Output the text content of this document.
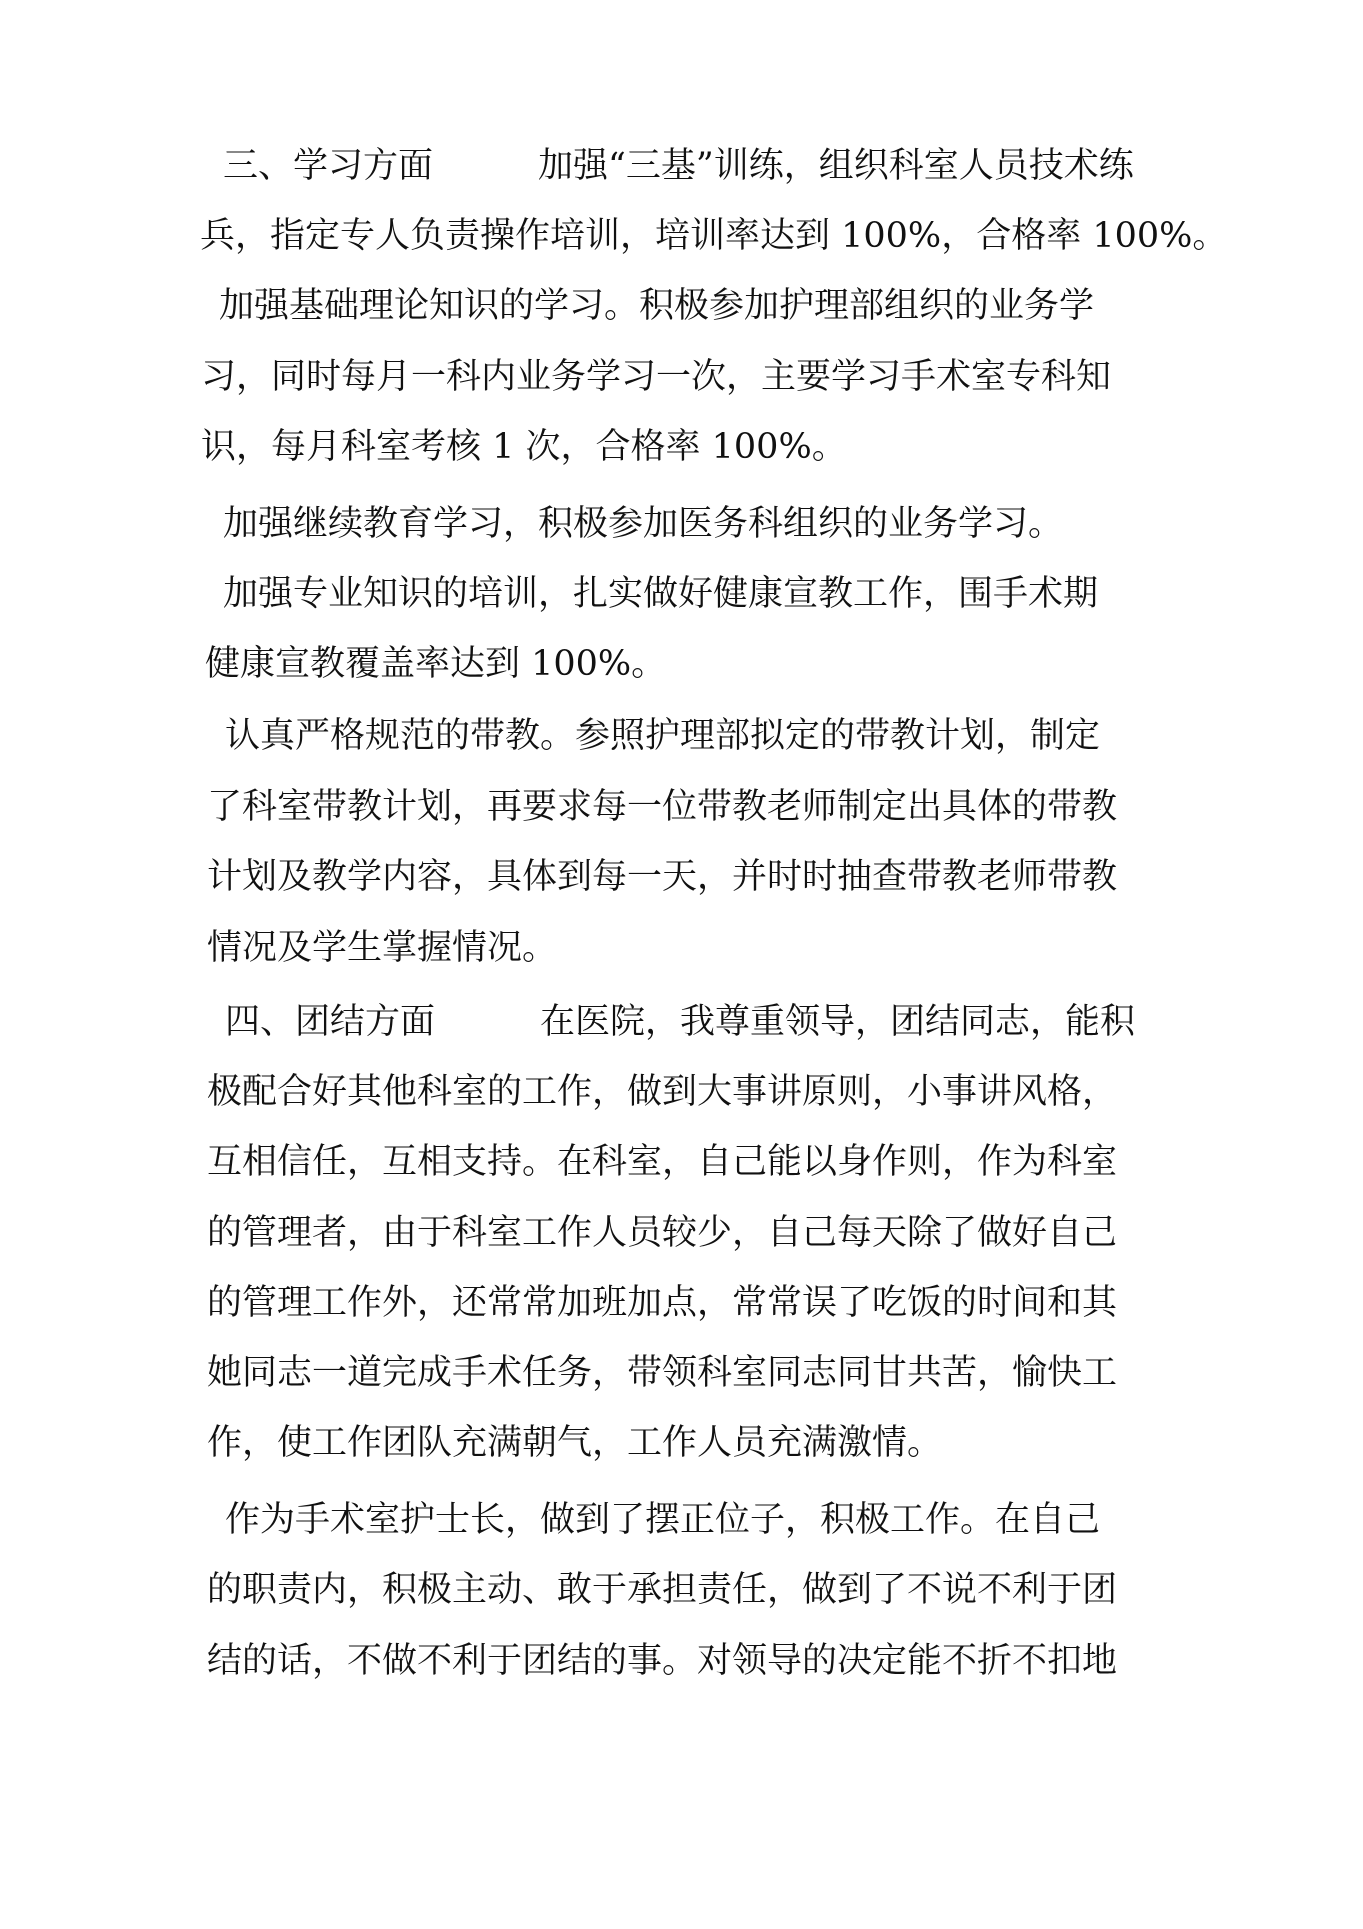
三、学习方面　　　加强“三基”训练，组织科室人员技术练

兵，指定专人负责操作培训，培训率达到 100%，合格率 100%。

加强基础理论知识的学习。积极参加护理部组织的业务学

习，同时每月一科内业务学习一次，主要学习手术室专科知

识，每月科室考核 1 次，合格率 100%。

加强继续教育学习，积极参加医务科组织的业务学习。

加强专业知识的培训，扎实做好健康宣教工作，围手术期

健康宣教覆盖率达到 100%。

认真严格规范的带教。参照护理部拟定的带教计划，制定

了科室带教计划，再要求每一位带教老师制定出具体的带教

计划及教学内容，具体到每一天，并时时抽查带教老师带教

情况及学生掌握情况。

四、团结方面　　　在医院，我尊重领导，团结同志，能积

极配合好其他科室的工作，做到大事讲原则，小事讲风格，

互相信任，互相支持。在科室，自己能以身作则，作为科室

的管理者，由于科室工作人员较少，自己每天除了做好自己

的管理工作外，还常常加班加点，常常误了吃饭的时间和其

她同志一道完成手术任务，带领科室同志同甘共苦，愉快工

作，使工作团队充满朝气，工作人员充满激情。

作为手术室护士长，做到了摆正位子，积极工作。在自己

的职责内，积极主动、敢于承担责任，做到了不说不利于团

结的话，不做不利于团结的事。对领导的决定能不折不扣地
